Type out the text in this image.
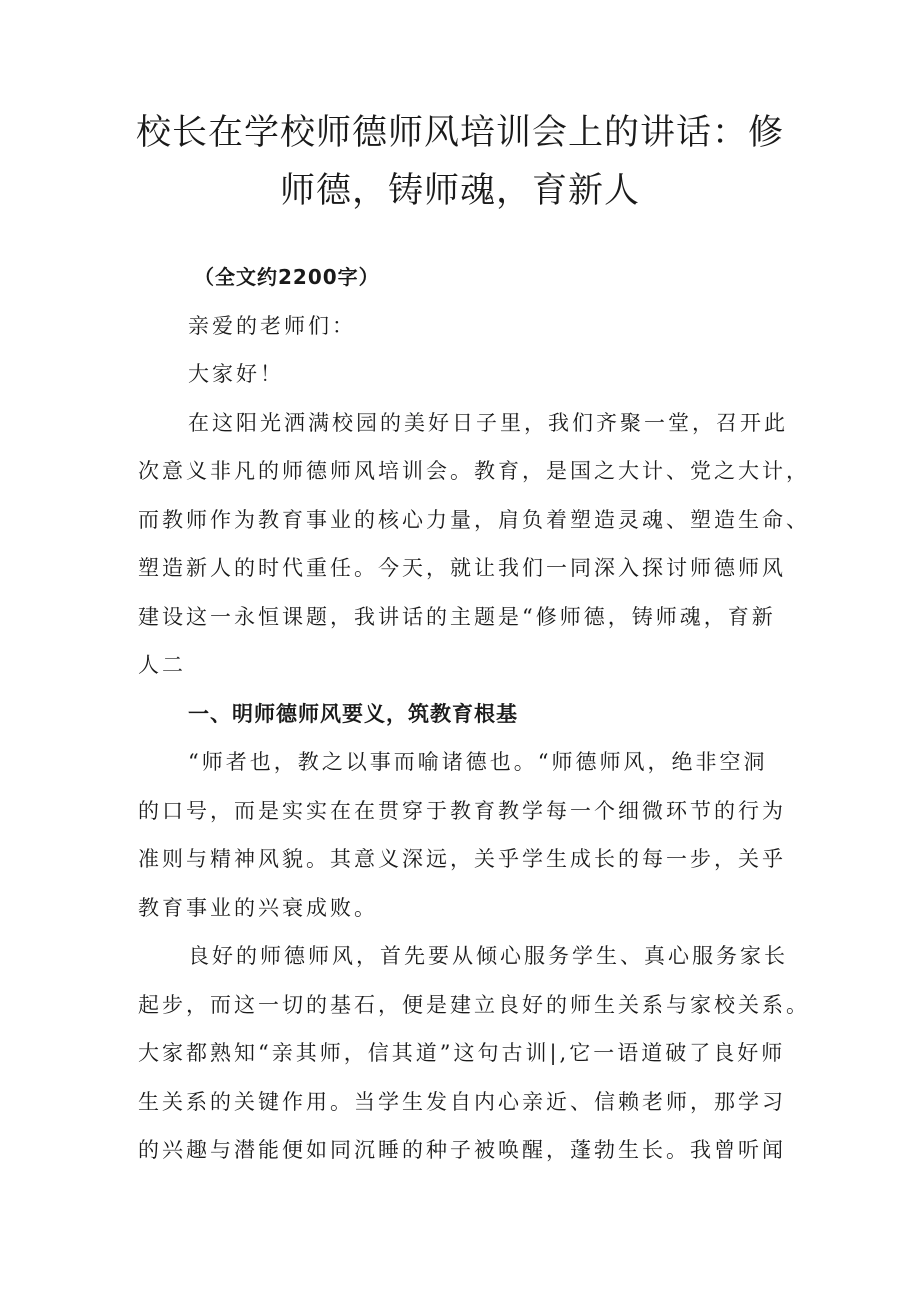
校长在学校师德师风培训会上的讲话：修
师德，铸师魂，育新人

（全文约2200字）

亲爱的老师们：

大家好！

在这阳光洒满校园的美好日子里，我们齐聚一堂，召开此
次意义非凡的师德师风培训会。教育，是国之大计、党之大计，
而教师作为教育事业的核心力量，肩负着塑造灵魂、塑造生命、
塑造新人的时代重任。今天，就让我们一同深入探讨师德师风
建设这一永恒课题，我讲话的主题是“修师德，铸师魂，育新
人二

一、明师德师风要义，筑教育根基

“师者也，教之以事而喻诸德也。“师德师风，绝非空洞
的口号，而是实实在在贯穿于教育教学每一个细微环节的行为
准则与精神风貌。其意义深远，关乎学生成长的每一步，关乎
教育事业的兴衰成败。

良好的师德师风，首先要从倾心服务学生、真心服务家长
起步，而这一切的基石，便是建立良好的师生关系与家校关系。
大家都熟知“亲其师，信其道”这句古训|,它一语道破了良好师
生关系的关键作用。当学生发自内心亲近、信赖老师，那学习
的兴趣与潜能便如同沉睡的种子被唤醒，蓬勃生长。我曾听闻
